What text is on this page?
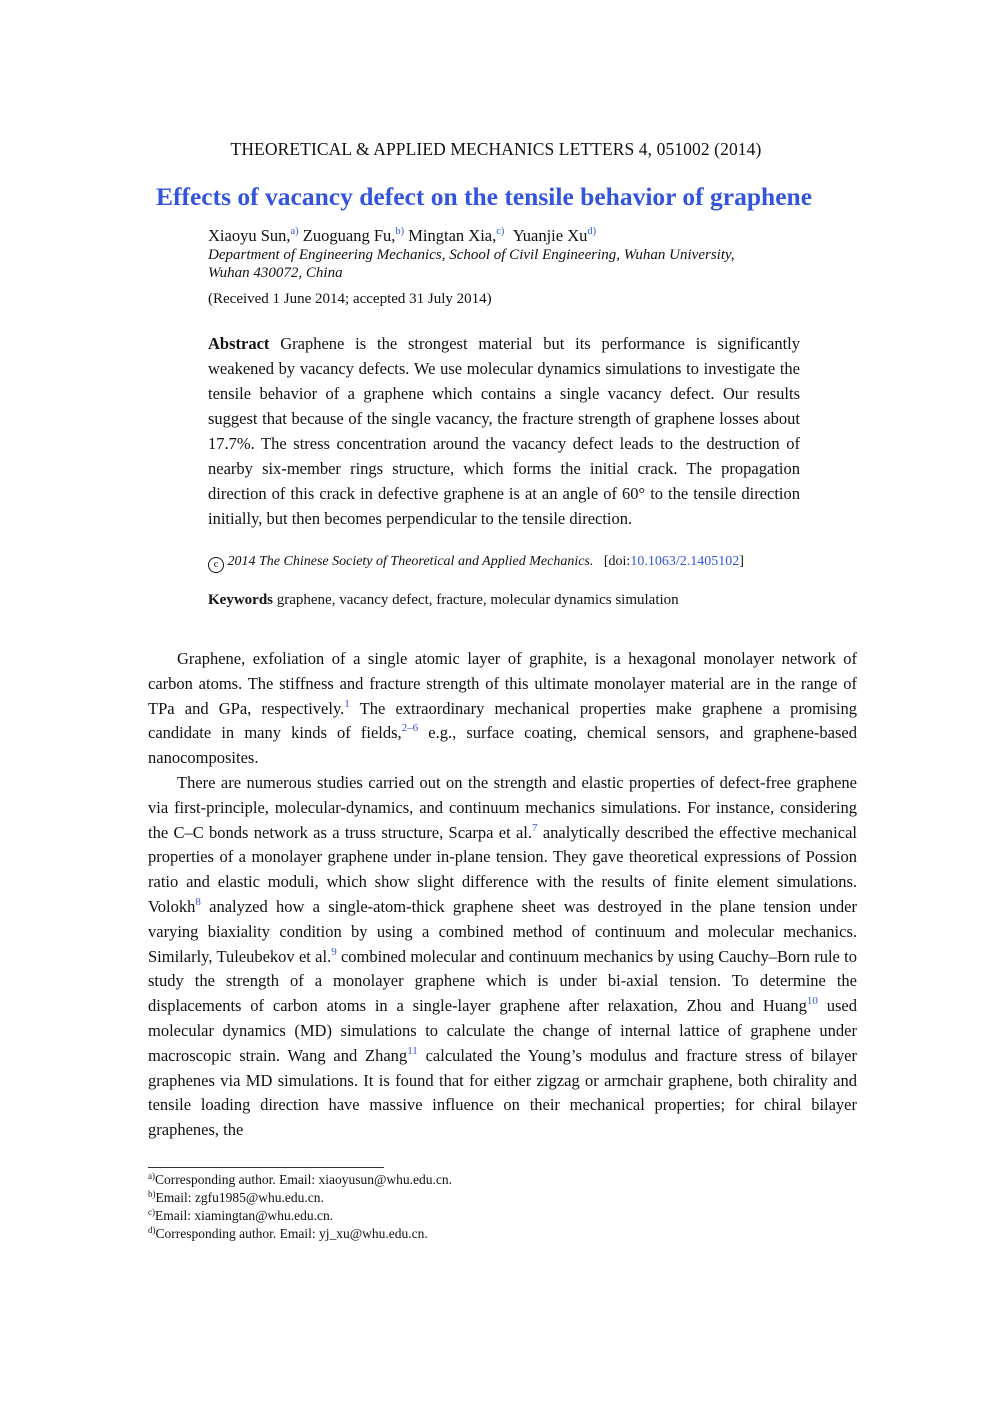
THEORETICAL & APPLIED MECHANICS LETTERS 4, 051002 (2014)
Effects of vacancy defect on the tensile behavior of graphene
Xiaoyu Sun,$^{a)}$ Zuoguang Fu,$^{b)}$ Mingtan Xia,$^{c)}$ Yuanjie Xu$^{d)}$
Department of Engineering Mechanics, School of Civil Engineering, Wuhan University,
Wuhan 430072, China
(Received 1 June 2014; accepted 31 July 2014)
Abstract Graphene is the strongest material but its performance is significantly weakened by vacancy defects. We use molecular dynamics simulations to investigate the tensile behavior of a graphene which contains a single vacancy defect. Our results suggest that because of the single vacancy, the fracture strength of graphene losses about 17.7%. The stress concentration around the vacancy defect leads to the destruction of nearby six-member rings structure, which forms the initial crack. The propagation direction of this crack in defective graphene is at an angle of 60° to the tensile direction initially, but then becomes perpendicular to the tensile direction.
c 2014 The Chinese Society of Theoretical and Applied Mechanics. [doi:10.1063/2.1405102]
Keywords graphene, vacancy defect, fracture, molecular dynamics simulation

Graphene, exfoliation of a single atomic layer of graphite, is a hexagonal monolayer network of carbon atoms. The stiffness and fracture strength of this ultimate monolayer material are in the range of TPa and GPa, respectively.$^1$ The extraordinary mechanical properties make graphene a promising candidate in many kinds of fields,$^{2-6}$ e.g., surface coating, chemical sensors, and graphene-based nanocomposites.

There are numerous studies carried out on the strength and elastic properties of defect-free graphene via first-principle, molecular-dynamics, and continuum mechanics simulations. For instance, considering the C–C bonds network as a truss structure, Scarpa et al.$^7$ analytically described the effective mechanical properties of a monolayer graphene under in-plane tension. They gave theoretical expressions of Possion ratio and elastic moduli, which show slight difference with the results of finite element simulations. Volokh$^8$ analyzed how a single-atom-thick graphene sheet was destroyed in the plane tension under varying biaxiality condition by using a combined method of continuum and molecular mechanics. Similarly, Tuleubekov et al.$^9$ combined molecular and continuum mechanics by using Cauchy–Born rule to study the strength of a monolayer graphene which is under bi-axial tension. To determine the displacements of carbon atoms in a single-layer graphene after relaxation, Zhou and Huang$^{10}$ used molecular dynamics (MD) simulations to calculate the change of internal lattice of graphene under macroscopic strain. Wang and Zhang$^{11}$ calculated the Young’s modulus and fracture stress of bilayer graphenes via MD simulations. It is found that for either zigzag or armchair graphene, both chirality and tensile loading direction have massive influence on their mechanical properties; for chiral bilayer graphenes, the

$^{a)}$Corresponding author. Email: xiaoyusun@whu.edu.cn.
$^{b)}$Email: zgfu1985@whu.edu.cn.
$^{c)}$Email: xiamingtan@whu.edu.cn.
$^{d)}$Corresponding author. Email: yj_xu@whu.edu.cn.
